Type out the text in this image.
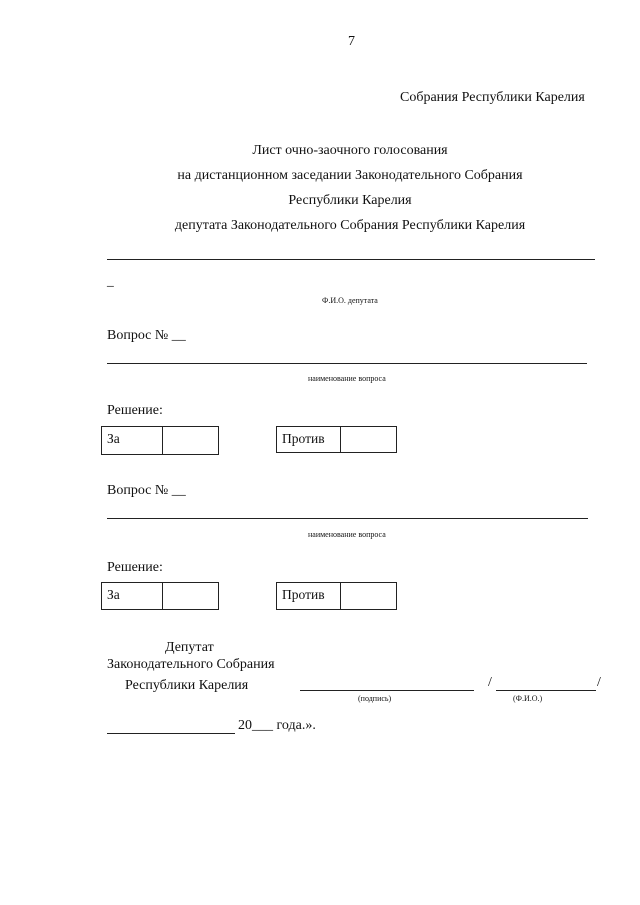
7
Собрания Республики Карелия
Лист очно-заочного голосования
на дистанционном заседании Законодательного Собрания
Республики Карелия
депутата Законодательного Собрания Республики Карелия
_
Ф.И.О. депутата
Вопрос № __
наименование вопроса
Решение:
За	Против
Вопрос № __
наименование вопроса
Решение:
За	Против
Депутат
Законодательного Собрания
Республики Карелия
(подпись)
/	/
(Ф.И.О.)
20___ года.».
